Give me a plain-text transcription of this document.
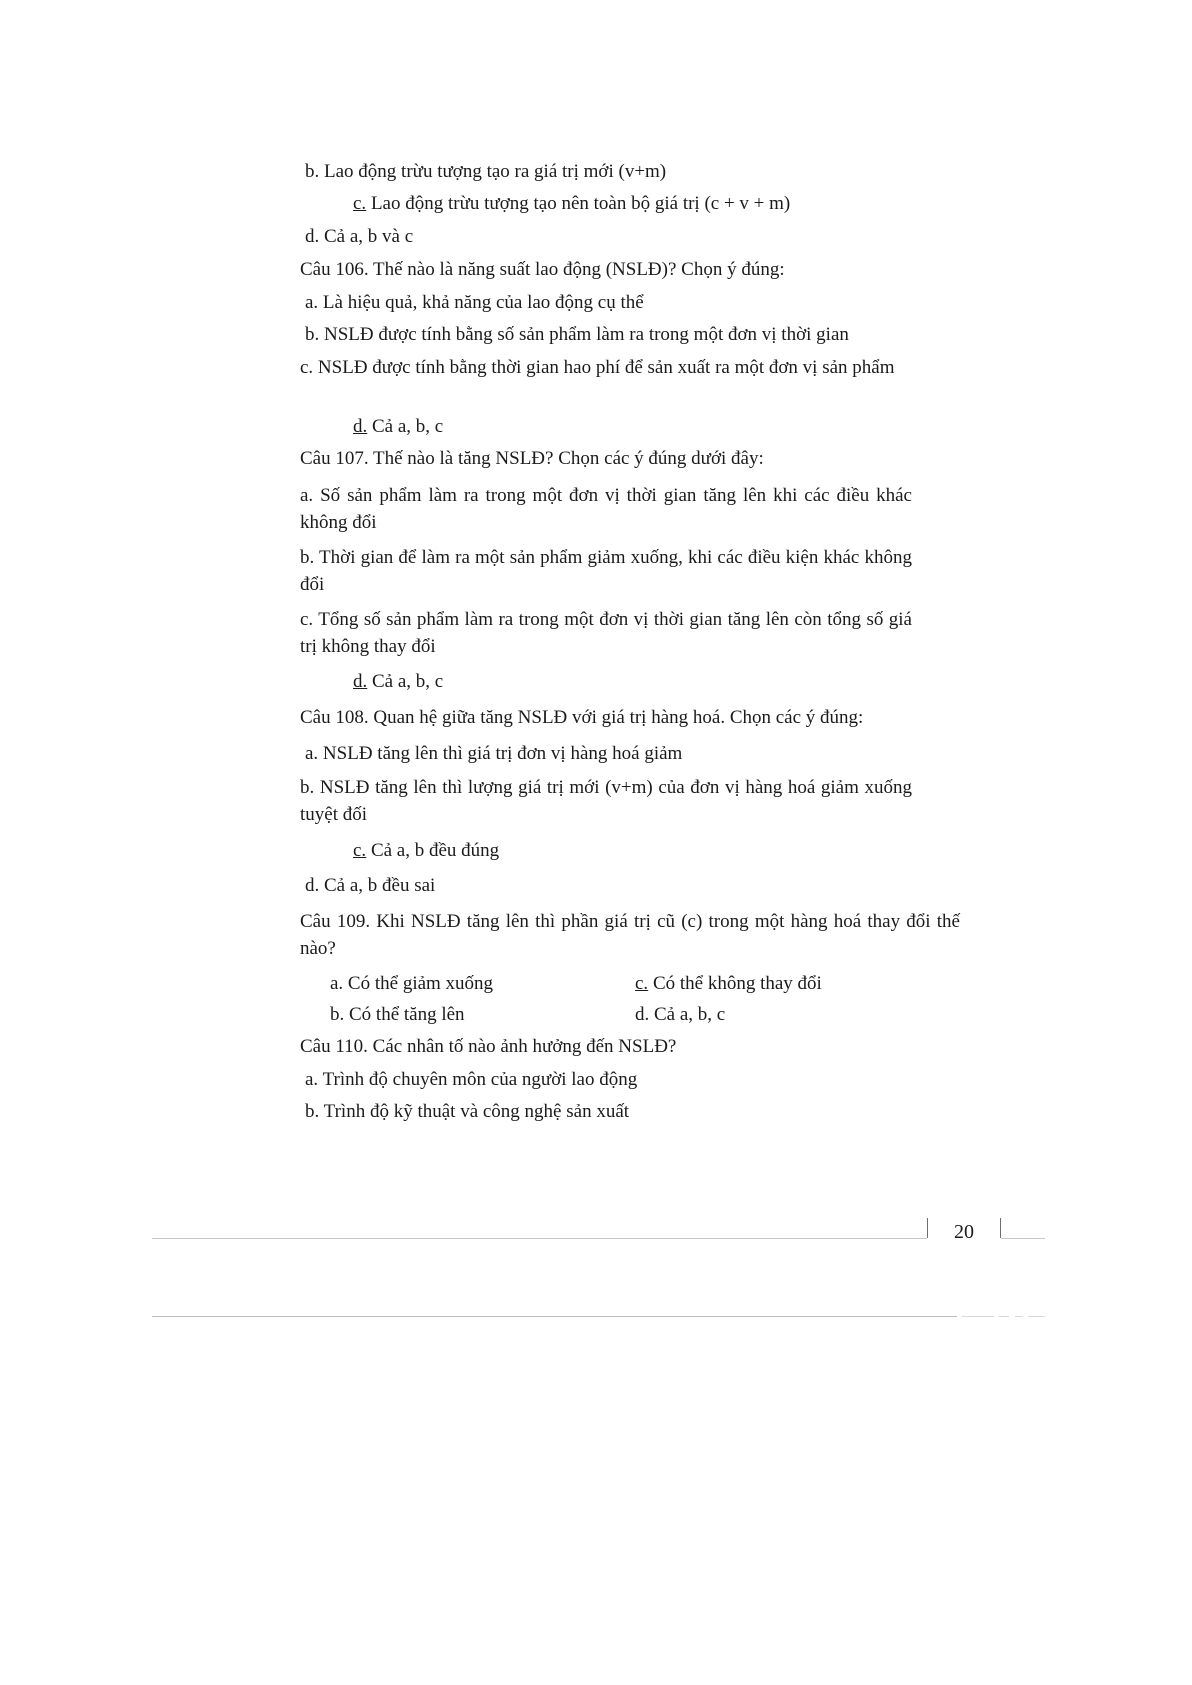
b. Lao động trừu tượng tạo ra giá trị mới (v+m)

c. Lao động trừu tượng tạo nên toàn bộ giá trị (c + v + m)

d. Cả a, b và c

Câu 106. Thế nào là năng suất lao động (NSLĐ)? Chọn ý đúng:

a. Là hiệu quả, khả năng của lao động cụ thể

b. NSLĐ được tính bằng số sản phẩm làm ra trong một đơn vị thời gian

c. NSLĐ được tính bằng thời gian hao phí để sản xuất ra một đơn vị sản phẩm

d. Cả a, b, c

Câu 107. Thế nào là tăng NSLĐ? Chọn các ý đúng dưới đây:

a. Số sản phẩm làm ra trong một đơn vị thời gian tăng lên khi các điều khác không đổi

b. Thời gian để làm ra một sản phẩm giảm xuống, khi các điều kiện khác không đổi

c. Tổng số sản phẩm làm ra trong một đơn vị thời gian tăng lên còn tổng số giá trị không thay đổi

d. Cả a, b, c

Câu 108. Quan hệ giữa tăng NSLĐ với giá trị hàng hoá. Chọn các ý đúng:

a. NSLĐ tăng lên thì giá trị đơn vị hàng hoá giảm

b. NSLĐ tăng lên thì lượng giá trị mới (v+m) của đơn vị hàng hoá giảm xuống tuyệt đối

c. Cả a, b đều đúng

d. Cả a, b đều sai

Câu 109. Khi NSLĐ tăng lên thì phần giá trị cũ (c) trong một hàng hoá thay đổi thế nào?

a. Có thể giảm xuống	c. Có thể không thay đổi

b. Có thể tăng lên	d. Cả a, b, c

Câu 110. Các nhân tố nào ảnh hưởng đến NSLĐ?

a. Trình độ chuyên môn của người lao động

b. Trình độ kỹ thuật và công nghệ sản xuất

20
